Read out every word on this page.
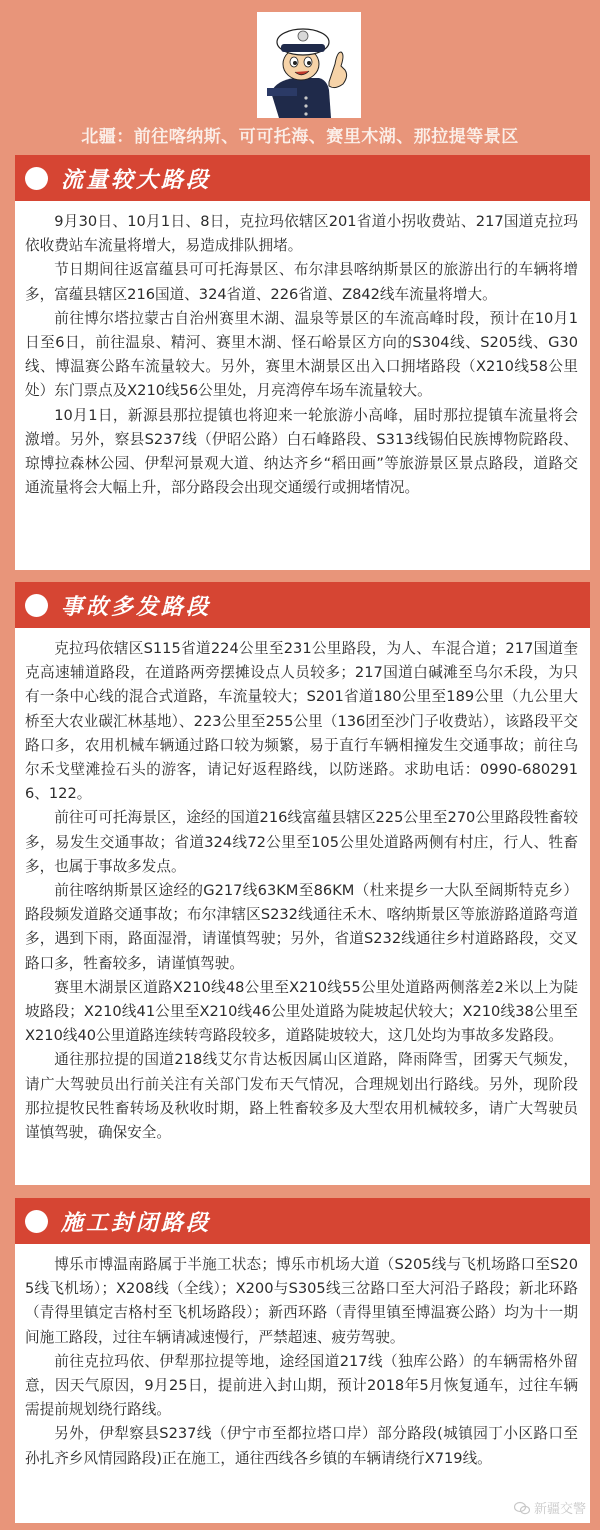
北疆：前往喀纳斯、可可托海、赛里木湖、那拉提等景区
流量较大路段

9月30日、10月1日、8日，克拉玛依辖区201省道小拐收费站、217国道克拉玛依收费站车流量将增大，易造成排队拥堵。

节日期间往返富蕴县可可托海景区、布尔津县喀纳斯景区的旅游出行的车辆将增多，富蕴县辖区216国道、324省道、226省道、Z842线车流量将增大。

前往博尔塔拉蒙古自治州赛里木湖、温泉等景区的车流高峰时段，预计在10月1日至6日，前往温泉、精河、赛里木湖、怪石峪景区方向的S304线、S205线、G30线、博温赛公路车流量较大。另外，赛里木湖景区出入口拥堵路段（X210线58公里处）东门票点及X210线56公里处，月亮湾停车场车流量较大。

10月1日，新源县那拉提镇也将迎来一轮旅游小高峰，届时那拉提镇车流量将会激增。另外，察县S237线（伊昭公路）白石峰路段、S313线锡伯民族博物院路段、琼博拉森林公园、伊犁河景观大道、纳达齐乡“稻田画”等旅游景区景点路段，道路交通流量将会大幅上升，部分路段会出现交通缓行或拥堵情况。

事故多发路段

克拉玛依辖区S115省道224公里至231公里路段，为人、车混合道；217国道奎克高速辅道路段，在道路两旁摆摊设点人员较多；217国道白碱滩至乌尔禾段，为只有一条中心线的混合式道路，车流量较大；S201省道180公里至189公里（九公里大桥至大农业碳汇林基地）、223公里至255公里（136团至沙门子收费站），该路段平交路口多，农用机械车辆通过路口较为频繁，易于直行车辆相撞发生交通事故；前往乌尔禾戈壁滩捡石头的游客，请记好返程路线，以防迷路。求助电话：0990-6802916、122。

前往可可托海景区，途经的国道216线富蕴县辖区225公里至270公里路段牲畜较多，易发生交通事故；省道324线72公里至105公里处道路两侧有村庄，行人、牲畜多，也属于事故多发点。

前往喀纳斯景区途经的G217线63KM至86KM（杜来提乡一大队至阔斯特克乡）路段频发道路交通事故；布尔津辖区S232线通往禾木、喀纳斯景区等旅游路道路弯道多，遇到下雨，路面湿滑，请谨慎驾驶；另外，省道S232线通往乡村道路路段，交叉路口多，牲畜较多，请谨慎驾驶。

赛里木湖景区道路X210线48公里至X210线55公里处道路两侧落差2米以上为陡坡路段；X210线41公里至X210线46公里处道路为陡坡起伏较大；X210线38公里至X210线40公里道路连续转弯路段较多，道路陡坡较大，这几处均为事故多发路段。

通往那拉提的国道218线艾尔肯达板因属山区道路，降雨降雪，团雾天气频发，请广大驾驶员出行前关注有关部门发布天气情况，合理规划出行路线。另外，现阶段那拉提牧民牲畜转场及秋收时期，路上牲畜较多及大型农用机械较多，请广大驾驶员谨慎驾驶，确保安全。

施工封闭路段

博乐市博温南路属于半施工状态；博乐市机场大道（S205线与飞机场路口至S205线飞机场）；X208线（全线）；X200与S305线三岔路口至大河沿子路段；新北环路（青得里镇定吉格村至飞机场路段）；新西环路（青得里镇至博温赛公路）均为十一期间施工路段，过往车辆请减速慢行，严禁超速、疲劳驾驶。

前往克拉玛依、伊犁那拉提等地，途经国道217线（独库公路）的车辆需格外留意，因天气原因，9月25日，提前进入封山期，预计2018年5月恢复通车，过往车辆需提前规划绕行路线。

另外，伊犁察县S237线（伊宁市至都拉塔口岸）部分路段(城镇园丁小区路口至孙扎齐乡风情园路段)正在施工，通往西线各乡镇的车辆请绕行X719线。

新疆交警
